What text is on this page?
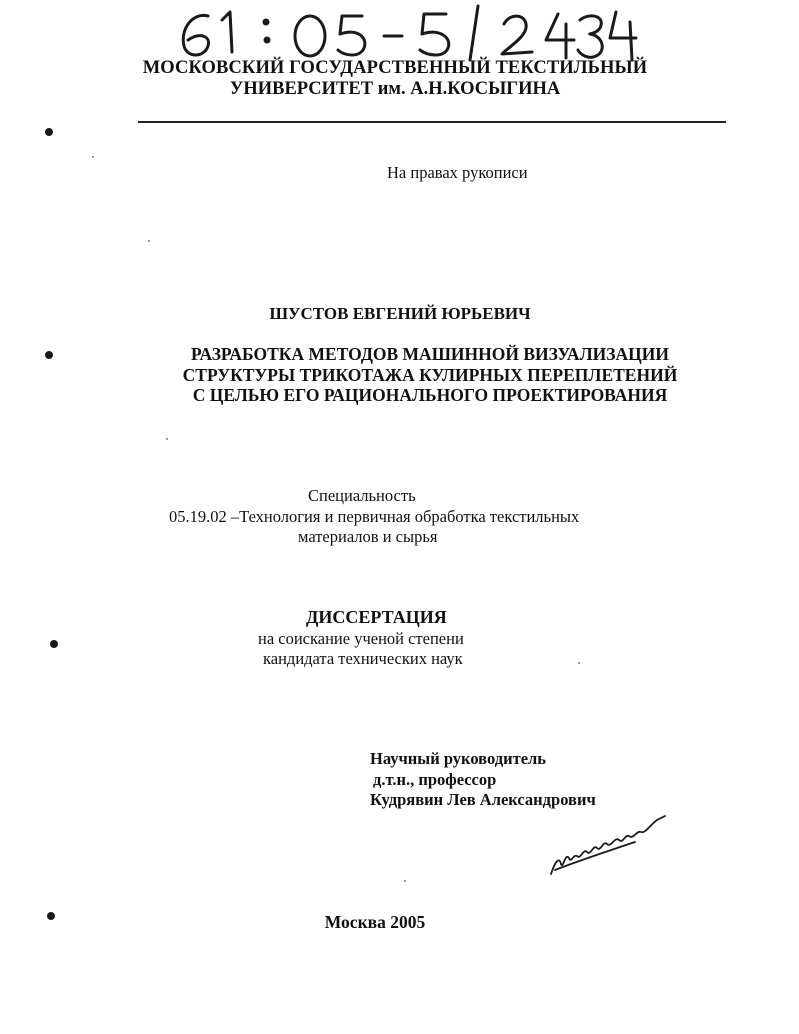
МОСКОВСКИЙ ГОСУДАРСТВЕННЫЙ ТЕКСТИЛЬНЫЙ
УНИВЕРСИТЕТ им. А.Н.КОСЫГИНА
На правах рукописи
ШУСТОВ ЕВГЕНИЙ ЮРЬЕВИЧ
РАЗРАБОТКА МЕТОДОВ МАШИННОЙ ВИЗУАЛИЗАЦИИ
СТРУКТУРЫ ТРИКОТАЖА КУЛИРНЫХ ПЕРЕПЛЕТЕНИЙ
С ЦЕЛЬЮ ЕГО РАЦИОНАЛЬНОГО ПРОЕКТИРОВАНИЯ
Специальность
05.19.02 –Технология и первичная обработка текстильных
материалов и сырья
ДИССЕРТАЦИЯ
на соискание ученой степени
кандидата технических наук
Научный руководитель
д.т.н., профессор
Кудрявин Лев Александрович
Москва 2005
